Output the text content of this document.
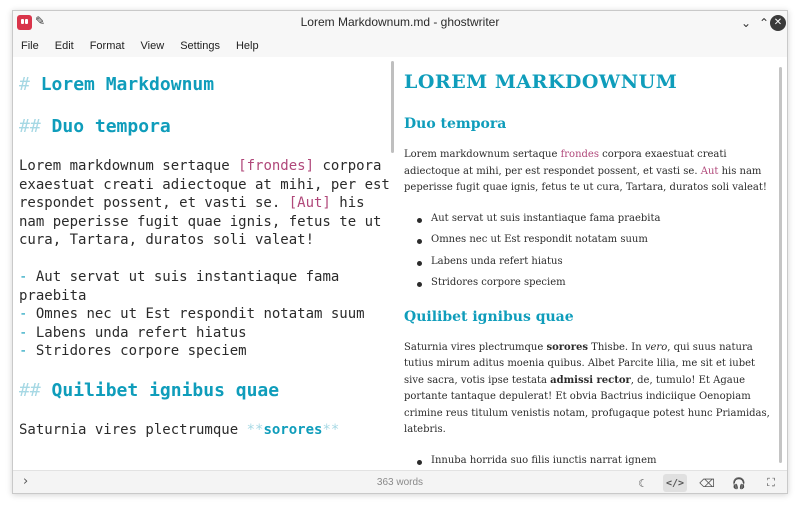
✎	Lorem Markdownum.md - ghostwriter	⌄ ⌃ ✕
File	Edit	Format	View	Settings	Help
# Lorem Markdownum
## Duo tempora
Lorem markdownum sertaque [frondes] corpora exaestuat creati adiectoque at mihi, per est respondet possent, et vasti se. [Aut] his nam peperisse fugit quae ignis, fetus te ut cura, Tartara, duratos soli valeat!
- Aut servat ut suis instantiaque fama praebita
- Omnes nec ut Est respondit notatam suum
- Labens unda refert hiatus
- Stridores corpore speciem
## Quilibet ignibus quae
Saturnia vires plectrumque **sorores**
LOREM MARKDOWNUM
Duo tempora
Lorem markdownum sertaque frondes corpora exaestuat creati adiectoque at mihi, per est respondet possent, et vasti se. Aut his nam peperisse fugit quae ignis, fetus te ut cura, Tartara, duratos soli valeat!
Aut servat ut suis instantiaque fama praebita
Omnes nec ut Est respondit notatam suum
Labens unda refert hiatus
Stridores corpore speciem
Quilibet ignibus quae
Saturnia vires plectrumque sorores Thisbe. In vero, qui suus natura tutius mirum aditus moenia quibus. Albet Parcite lilia, me sit et iubet sive sacra, votis ipse testata admissi rector, de, tumulo! Et Agaue portante tantaque depulerat! Et obvia Bactrius indiciique Oenopiam crimine reus titulum venistis notam, profugaque potest hunc Priamidas, latebris.
Innuba horrida suo filis iunctis narrat ignem
›	363 words	☾	</>	⌫	🎧	⛶
